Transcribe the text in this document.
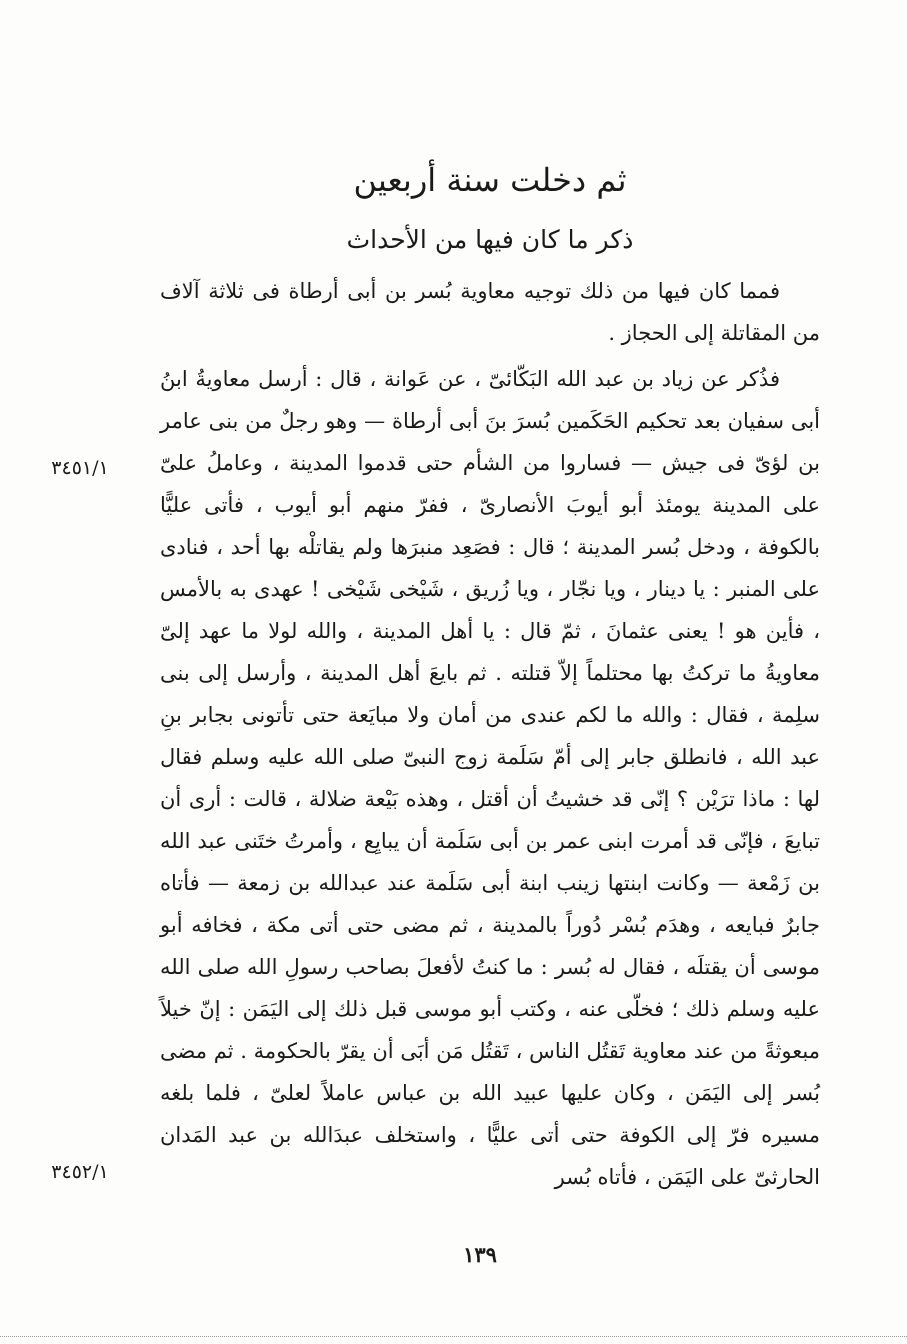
ثم دخلت سنة أربعين
ذكر ما كان فيها من الأحداث

فمما كان فيها من ذلك توجيه معاوية بُسر بن أبى أرطاة فى ثلاثة آلاف من المقاتلة إلى الحجاز .

فذُكر عن زياد بن عبد الله البَكّائىّ ، عن عَوانة ، قال : أرسل معاويةُ ابنُ أبى سفيان بعد تحكيم الحَكَمين بُسرَ بنَ أبى أرطاة — وهو رجلٌ من بنى عامر بن لؤىّ فى جيش — فساروا من الشأم حتى قدموا المدينة ، وعاملُ علىّ على المدينة يومئذ أبو أيوبَ الأنصارىّ ، ففرّ منهم أبو أيوب ، فأتى عليًّا بالكوفة ، ودخل بُسر المدينة ؛ قال : فصَعِد منبرَها ولم يقاتلْه بها أحد ، فنادى على المنبر : يا دينار ، ويا نجّار ، ويا زُريق ، شَيْخى شَيْخى ! عهدى به بالأمس ، فأين هو ! يعنى عثمانَ ، ثمّ قال : يا أهل المدينة ، والله لولا ما عهد إلىّ معاويةُ ما تركتُ بها محتلماً إلاّ قتلته . ثم بايعَ أهل المدينة ، وأرسل إلى بنى سلِمة ، فقال : والله ما لكم عندى من أمان ولا مبايَعة حتى تأتونى بجابر بنِ عبد الله ، فانطلق جابر إلى أمّ سَلَمة زوج النبىّ صلى الله عليه وسلم فقال لها : ماذا ترَيْن ؟ إنّى قد خشيتُ أن أقتل ، وهذه بَيْعة ضلالة ، قالت : أرى أن تبايعَ ، فإنّى قد أمرت ابنى عمر بن أبى سَلَمة أن يبايِع ، وأمرتُ ختَنى عبد الله بن زَمْعة — وكانت ابنتها زينب ابنة أبى سَلَمة عند عبدالله بن زمعة — فأتاه جابرٌ فبايعه ، وهدَم بُسْر دُوراً بالمدينة ، ثم مضى حتى أتى مكة ، فخافه أبو موسى أن يقتلَه ، فقال له بُسر : ما كنتُ لأفعلَ بصاحب رسولِ الله صلى الله عليه وسلم ذلك ؛ فخلّى عنه ، وكتب أبو موسى قبل ذلك إلى اليَمَن : إنّ خيلاً مبعوثةً من عند معاوية تَقتُل الناس ، تَقتُل مَن أبَى أن يقرّ بالحكومة . ثم مضى بُسر إلى اليَمَن ، وكان عليها عبيد الله بن عباس عاملاً لعلىّ ، فلما بلغه مسيره فرّ إلى الكوفة حتى أتى عليًّا ، واستخلف عبدَالله بن عبد المَدان الحارثىّ على اليَمَن ، فأتاه بُسر

٣٤٥١/١
٣٤٥٢/١
١٣٩
